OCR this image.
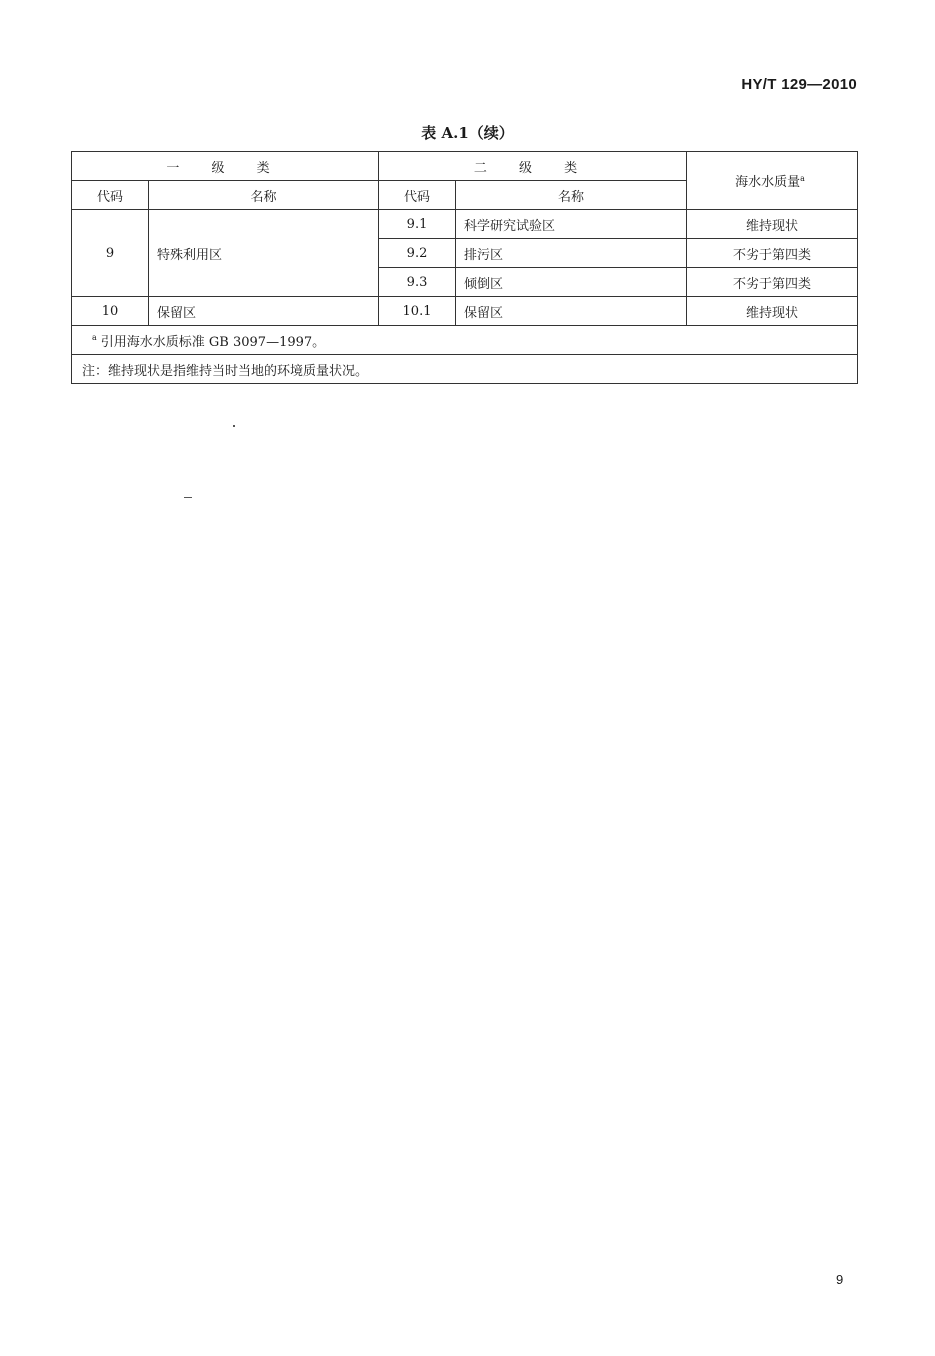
HY/T 129—2010
表 A.1（续）
一 级 类		二 级 类		海水水质量$^a$
代码	名称	代码	名称	
9	特殊利用区	9.1	科学研究试验区	维持现状
		9.2	排污区	不劣于第四类
		9.3	倾倒区	不劣于第四类
10	保留区	10.1	保留区	维持现状
$^a$ 引用海水水质标准 GB 3097—1997。				
注：维持现状是指维持当时当地的环境质量状况。				
9
